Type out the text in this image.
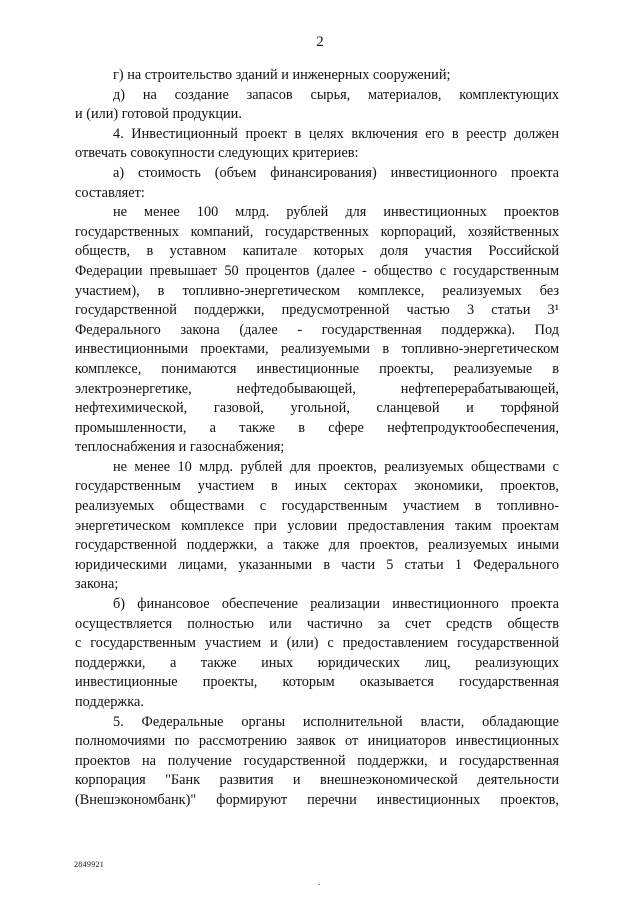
2
г) на строительство зданий и инженерных сооружений;
д) на создание запасов сырья, материалов, комплектующих
и (или) готовой продукции.
4. Инвестиционный проект в целях включения его в реестр должен
отвечать совокупности следующих критериев:
а) стоимость (объем финансирования) инвестиционного проекта
составляет:
не менее 100 млрд. рублей для инвестиционных проектов
государственных компаний, государственных корпораций, хозяйственных
обществ, в уставном капитале которых доля участия Российской
Федерации превышает 50 процентов (далее - общество с государственным
участием), в топливно-энергетическом комплексе, реализуемых без
государственной поддержки, предусмотренной частью 3 статьи 3¹
Федерального закона (далее - государственная поддержка). Под
инвестиционными проектами, реализуемыми в топливно-энергетическом
комплексе, понимаются инвестиционные проекты, реализуемые в
электроэнергетике, нефтедобывающей, нефтеперерабатывающей,
нефтехимической, газовой, угольной, сланцевой и торфяной
промышленности, а также в сфере нефтепродуктообеспечения,
теплоснабжения и газоснабжения;
не менее 10 млрд. рублей для проектов, реализуемых обществами с
государственным участием в иных секторах экономики, проектов,
реализуемых обществами с государственным участием в топливно-
энергетическом комплексе при условии предоставления таким проектам
государственной поддержки, а также для проектов, реализуемых иными
юридическими лицами, указанными в части 5 статьи 1 Федерального
закона;
б) финансовое обеспечение реализации инвестиционного проекта
осуществляется полностью или частично за счет средств обществ
с государственным участием и (или) с предоставлением государственной
поддержки, а также иных юридических лиц, реализующих
инвестиционные проекты, которым оказывается государственная
поддержка.
5. Федеральные органы исполнительной власти, обладающие
полномочиями по рассмотрению заявок от инициаторов инвестиционных
проектов на получение государственной поддержки, и государственная
корпорация "Банк развития и внешнеэкономической деятельности
(Внешэкономбанк)" формируют перечни инвестиционных проектов,
2849921
